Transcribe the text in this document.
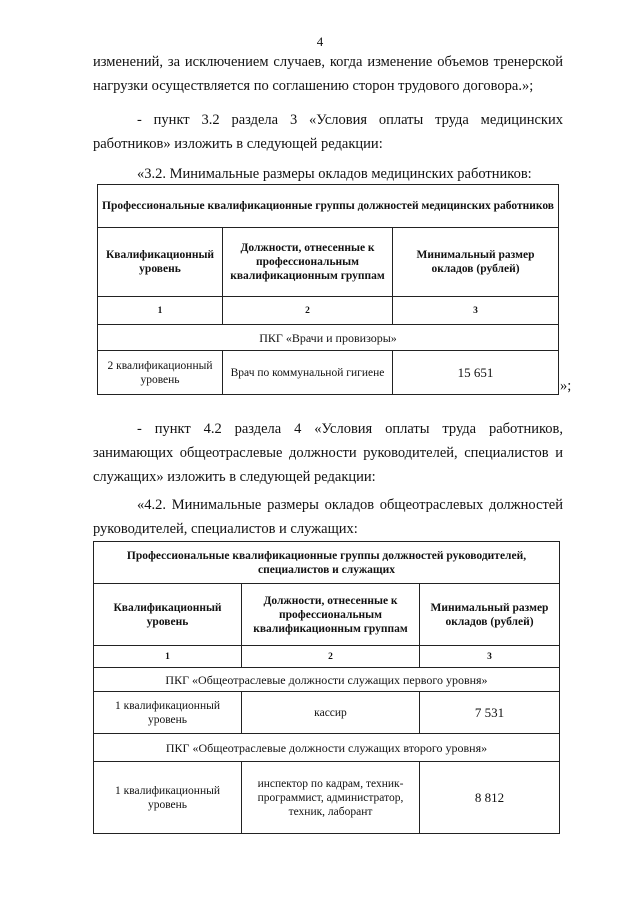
4
изменений, за исключением случаев, когда изменение объемов тренерской нагрузки осуществляется по соглашению сторон трудового договора.»;
- пункт 3.2 раздела 3 «Условия оплаты труда медицинских работников» изложить в следующей редакции:
«3.2. Минимальные размеры окладов медицинских работников:
Профессиональные квалификационные группы должностей медицинских работников		
Квалификационный уровень	Должности, отнесенные к профессиональным квалификационным группам	Минимальный размер окладов (рублей)
1	2	3
ПКГ «Врачи и провизоры»		
2 квалификационный уровень	Врач по коммунальной гигиене	15 651
»;
- пункт 4.2 раздела 4 «Условия оплаты труда работников, занимающих общеотраслевые должности руководителей, специалистов и служащих» изложить в следующей редакции:
«4.2. Минимальные размеры окладов общеотраслевых должностей руководителей, специалистов и служащих:
Профессиональные квалификационные группы должностей руководителей, специалистов и служащих		
Квалификационный уровень	Должности, отнесенные к профессиональным квалификационным группам	Минимальный размер окладов (рублей)
1	2	3
ПКГ «Общеотраслевые должности служащих первого уровня»		
1 квалификационный уровень	кассир	7 531
ПКГ «Общеотраслевые должности служащих второго уровня»		
1 квалификационный уровень	инспектор по кадрам, техник-программист, администратор, техник, лаборант	8 812
